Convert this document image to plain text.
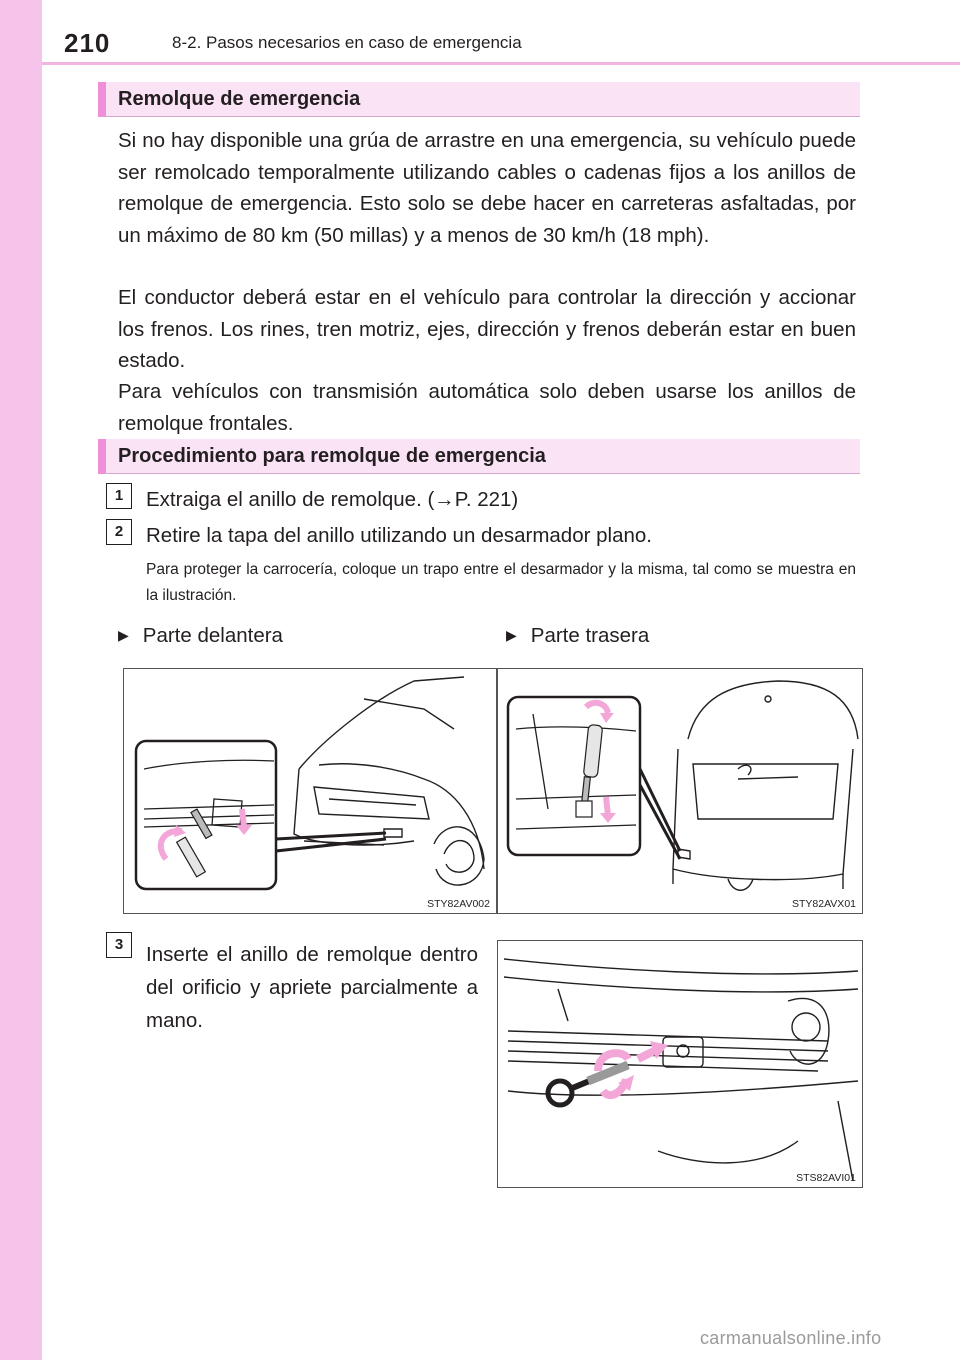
210	8-2. Pasos necesarios en caso de emergencia
Remolque de emergencia
Si no hay disponible una grúa de arrastre en una emergencia, su vehículo puede ser remolcado temporalmente utilizando cables o cadenas fijos a los anillos de remolque de emergencia. Esto solo se debe hacer en carreteras asfaltadas, por un máximo de 80 km (50 millas) y a menos de 30 km/h (18 mph).
El conductor deberá estar en el vehículo para controlar la dirección y accionar los frenos. Los rines, tren motriz, ejes, dirección y frenos deberán estar en buen estado.
Para vehículos con transmisión automática solo deben usarse los anillos de remolque frontales.
Procedimiento para remolque de emergencia
1	Extraiga el anillo de remolque. (→P. 221)
2	Retire la tapa del anillo utilizando un desarmador plano.
Para proteger la carrocería, coloque un trapo entre el desarmador y la misma, tal como se muestra en la ilustración.
▶ Parte delantera	▶ Parte trasera
STY82AV002	STY82AVX01
3	Inserte el anillo de remolque dentro del orificio y apriete parcialmente a mano.
STS82AVI01
carmanualsonline.info
